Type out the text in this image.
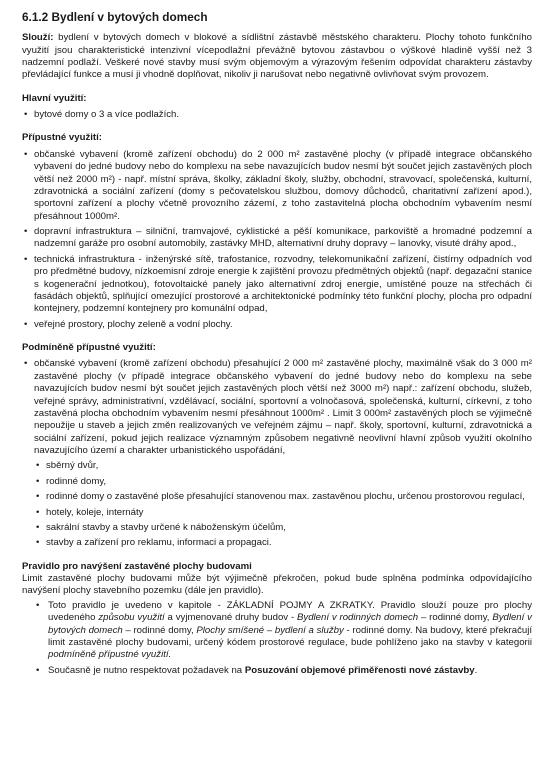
6.1.2 Bydlení v bytových domech

Slouží: bydlení v bytových domech v blokové a sídlištní zástavbě městského charakteru. Plochy tohoto funkčního využití jsou charakteristické intenzivní vícepodlažní převážně bytovou zástavbou o výškové hladině vyšší než 3 nadzemní podlaží. Veškeré nové stavby musí svým objemovým a výrazovým řešením odpovídat charakteru zástavby převládající funkce a musí ji vhodně doplňovat, nikoliv ji narušovat nebo negativně ovlivňovat svým provozem.

Hlavní využití:

• bytové domy o 3 a více podlažích.

Přípustné využití:

• občanské vybavení (kromě zařízení obchodu) do 2 000 m² zastavěné plochy (v případě integrace občanského vybavení do jedné budovy nebo do komplexu na sebe navazujících budov nesmí být součet jejich zastavěných ploch větší než 2000 m²) - např. místní správa, školky, základní školy, služby, obchodní, stravovací, společenská, kulturní, zdravotnická a sociální zařízení (domy s pečovatelskou službou, domovy důchodců, charitativní zařízení apod.), sportovní zařízení a plochy včetně provozního zázemí, z toho zastavitelná plocha obchodním vybavením nesmí přesáhnout 1000m².
• dopravní infrastruktura – silniční, tramvajové, cyklistické a pěší komunikace, parkoviště a hromadné podzemní a nadzemní garáže pro osobní automobily, zastávky MHD, alternativní druhy dopravy – lanovky, visuté dráhy apod.,
• technická infrastruktura - inženýrské sítě, trafostanice, rozvodny, telekomunikační zařízení, čistírny odpadních vod pro předmětné budovy, nízkoemisní zdroje energie k zajištění provozu předmětných objektů (např. degazační stanice s kogenerační jednotkou), fotovoltaické panely jako alternativní zdroj energie, umístěné pouze na střechách či fasádách objektů, splňující omezující prostorové a architektonické podmínky této funkční plochy, plocha pro odpadní kontejnery, podzemní kontejnery pro komunální odpad,
• veřejné prostory, plochy zeleně a vodní plochy.

Podmíněně přípustné využití:

• občanské vybavení (kromě zařízení obchodu) přesahující 2 000 m² zastavěné plochy, maximálně však do 3 000 m² zastavěné plochy (v případě integrace občanského vybavení do jedné budovy nebo do komplexu na sebe navazujících budov nesmí být součet jejich zastavěných ploch větší než 3000 m²) např.: zařízení obchodu, služeb, veřejné správy, administrativní, vzdělávací, sociální, sportovní a volnočasová, společenská, kulturní, církevní, z toho zastavěná plocha obchodním vybavením nesmí přesáhnout 1000m² . Limit 3 000m² zastavěných ploch se výjimečně nepoužije u staveb a jejich změn realizovaných ve veřejném zájmu – např. školy, sportovní, kulturní, zdravotnická a sociální zařízení, pokud jejich realizace významným způsobem negativně neovlivní hlavní způsob využití okolního navazujícího území a charakter urbanistického uspořádání,
• sběrný dvůr,
• rodinné domy,
• rodinné domy o zastavěné ploše přesahující stanovenou max. zastavěnou plochu, určenou prostorovou regulací,
• hotely, koleje, internáty
• sakrální stavby a stavby určené k náboženským účelům,
• stavby a zařízení pro reklamu, informaci a propagaci.

Pravidlo pro navýšení zastavěné plochy budovami

Limit zastavěné plochy budovami může být výjimečně překročen, pokud bude splněna podmínka odpovídajícího navýšení plochy stavebního pozemku (dále jen pravidlo).

• Toto pravidlo je uvedeno v kapitole - ZÁKLADNÍ POJMY A ZKRATKY. Pravidlo slouží pouze pro plochy uvedeného způsobu využití a vyjmenované druhy budov - Bydlení v rodinných domech – rodinné domy, Bydlení v bytových domech – rodinné domy, Plochy smíšené – bydlení a služby - rodinné domy. Na budovy, které překračují limit zastavěné plochy budovami, určený kódem prostorové regulace, bude pohlíženo jako na stavby v kategorii podmíněně přípustné využití.
• Současně je nutno respektovat požadavek na Posuzování objemové přiměřenosti nové zástavby.
